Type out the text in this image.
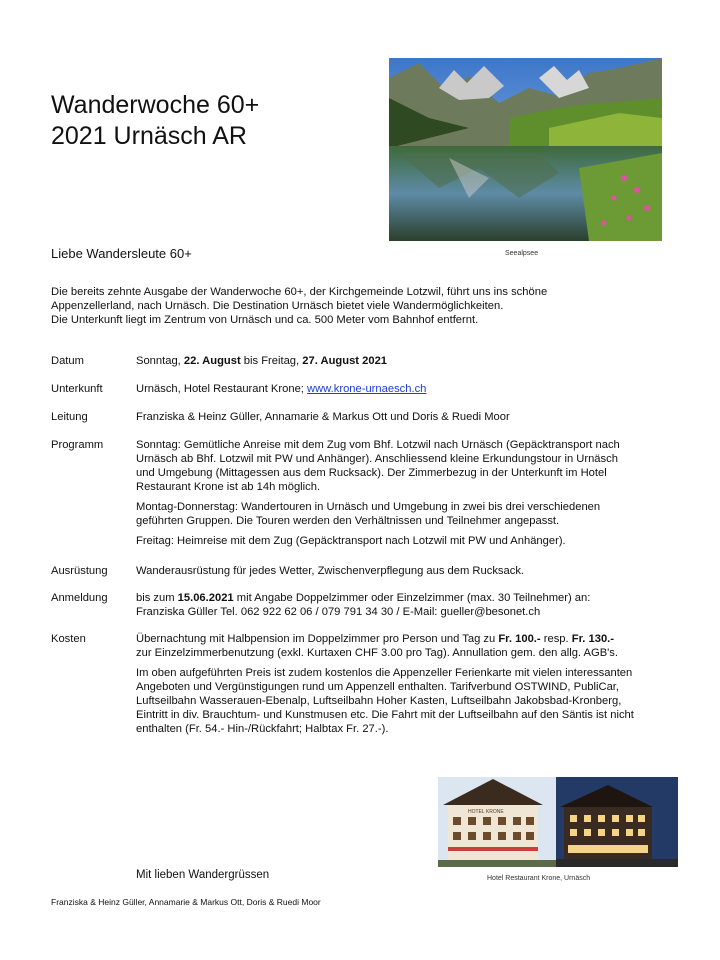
Wanderwoche 60+
2021 Urnäsch AR
Seealpsee
Liebe Wandersleute 60+

Die bereits zehnte Ausgabe der Wanderwoche 60+, der Kirchgemeinde Lotzwil, führt uns ins schöne

Appenzellerland, nach Urnäsch. Die Destination Urnäsch bietet viele Wandermöglichkeiten.

Die Unterkunft liegt im Zentrum von Urnäsch und ca. 500 Meter vom Bahnhof entfernt.

Datum	Sonntag, 22. August bis Freitag, 27. August 2021
Unterkunft	Urnäsch, Hotel Restaurant Krone; www.krone-urnaesch.ch
Leitung	Franziska & Heinz Güller, Annamarie & Markus Ott und Doris & Ruedi Moor
Programm	Sonntag: Gemütliche Anreise mit dem Zug vom Bhf. Lotzwil nach Urnäsch (Gepäcktransport nach
Urnäsch ab Bhf. Lotzwil mit PW und Anhänger). Anschliessend kleine Erkundungstour in Urnäsch
und Umgebung (Mittagessen aus dem Rucksack). Der Zimmerbezug in der Unterkunft im Hotel
Restaurant Krone ist ab 14h möglich.

Montag-Donnerstag: Wandertouren in Urnäsch und Umgebung in zwei bis drei verschiedenen
geführten Gruppen. Die Touren werden den Verhältnissen und Teilnehmer angepasst.

Freitag: Heimreise mit dem Zug (Gepäcktransport nach Lotzwil mit PW und Anhänger).

Ausrüstung	Wanderausrüstung für jedes Wetter, Zwischenverpflegung aus dem Rucksack.
Anmeldung	bis zum 15.06.2021 mit Angabe Doppelzimmer oder Einzelzimmer (max. 30 Teilnehmer) an:
Franziska Güller Tel. 062 922 62 06 / 079 791 34 30 / E-Mail: gueller@besonet.ch
Kosten	Übernachtung mit Halbpension im Doppelzimmer pro Person und Tag zu Fr. 100.- resp. Fr. 130.-
zur Einzelzimmerbenutzung (exkl. Kurtaxen CHF 3.00 pro Tag). Annullation gem. den allg. AGB's.

Im oben aufgeführten Preis ist zudem kostenlos die Appenzeller Ferienkarte mit vielen interessanten
Angeboten und Vergünstigungen rund um Appenzell enthalten. Tarifverbund OSTWIND, PubliCar,
Luftseilbahn Wasserauen-Ebenalp, Luftseilbahn Hoher Kasten, Luftseilbahn Jakobsbad-Kronberg,
Eintritt in div. Brauchtum- und Kunstmusen etc. Die Fahrt mit der Luftseilbahn auf den Säntis ist nicht
enthalten (Fr. 54.- Hin-/Rückfahrt; Halbtax Fr. 27.-).

HOTEL KRONE
Hotel Restaurant Krone, Urnäsch
Mit lieben Wandergrüssen
Franziska & Heinz Güller, Annamarie & Markus Ott, Doris & Ruedi Moor
